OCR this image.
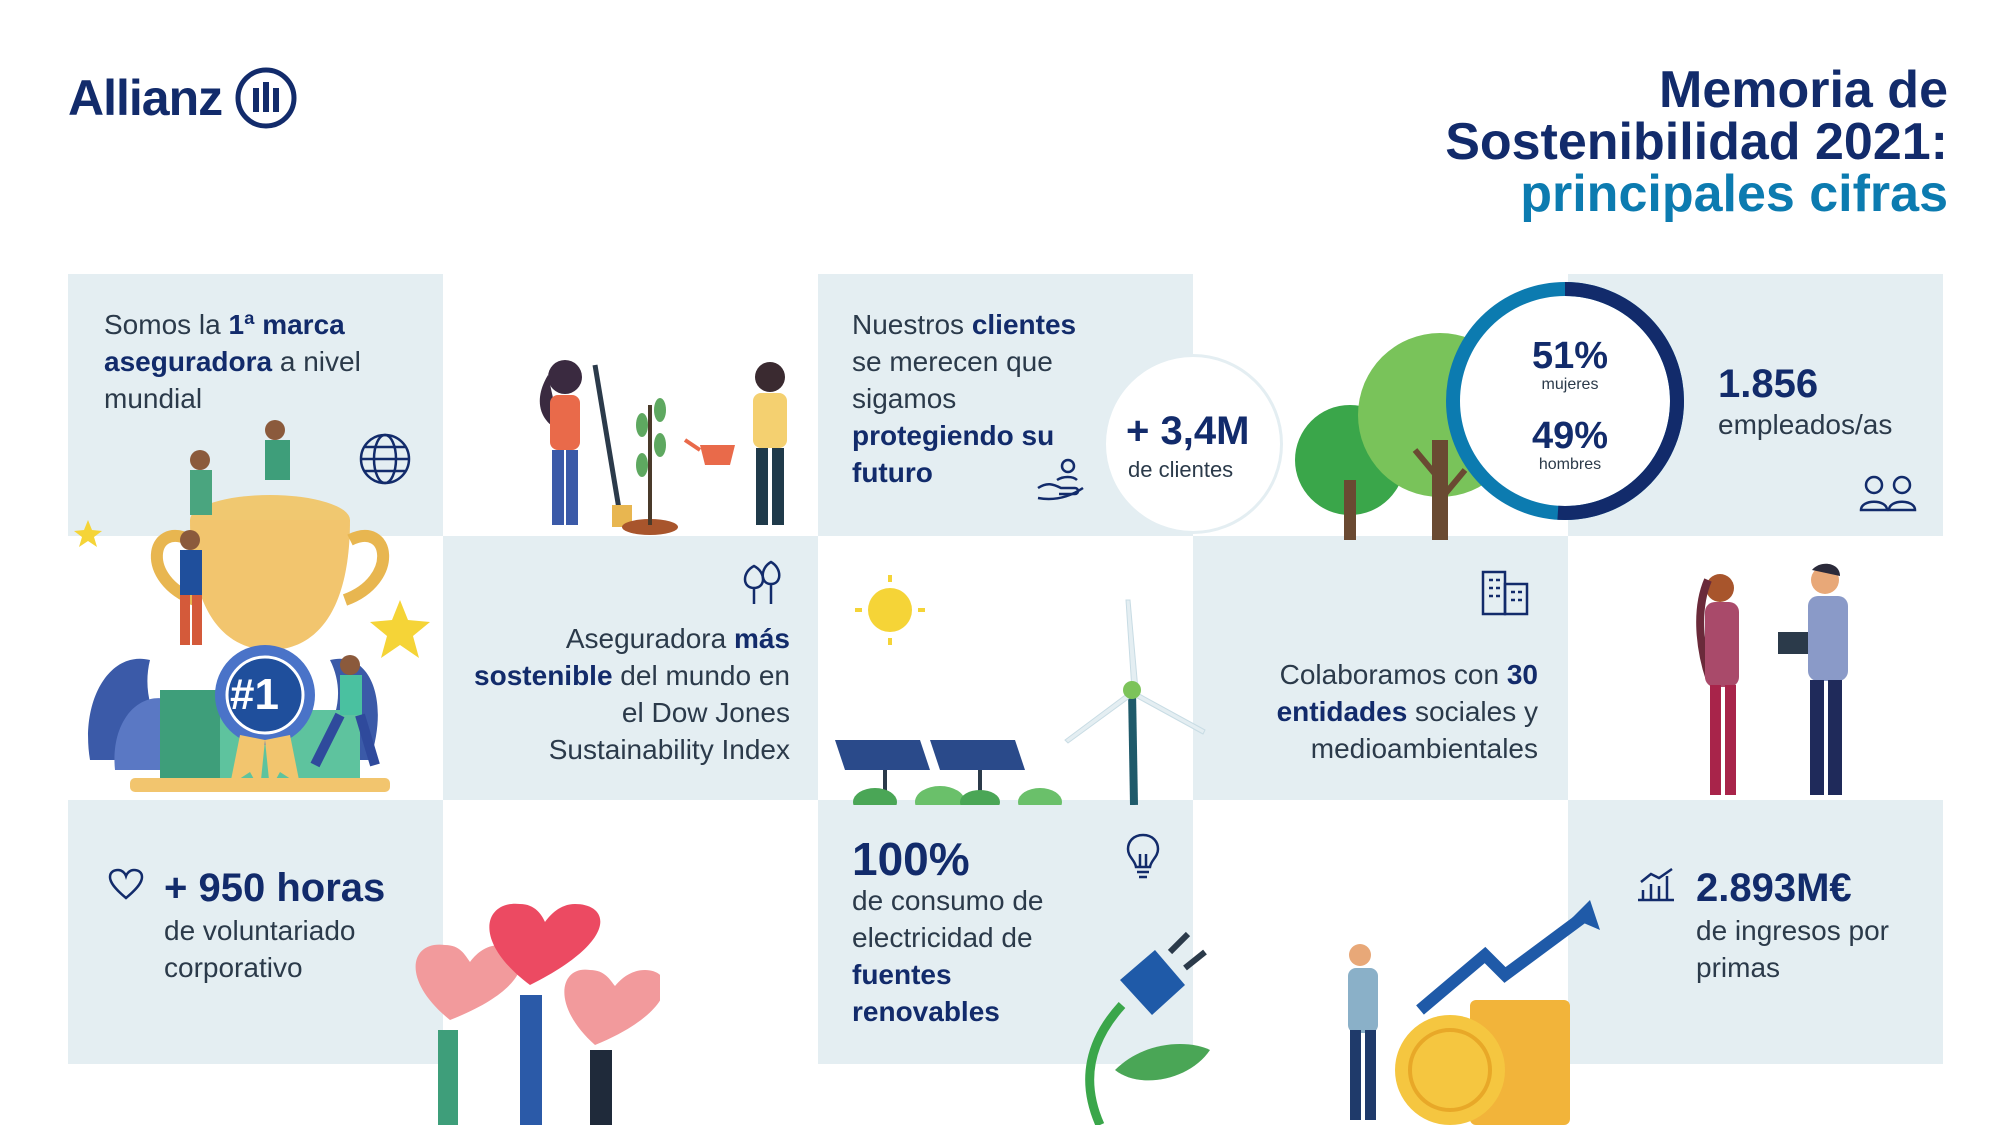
Allianz	Memoria de
Sostenibilidad 2021:
principales cifras
Somos la 1ª marca aseguradora a nivel mundial
#1
Nuestros clientes se merecen que sigamos protegiendo su futuro
+ 3,4M
de clientes
51%
mujeres
49%
hombres
1.856
empleados/as
Aseguradora más sostenible del mundo en el Dow Jones Sustainability Index
Colaboramos con 30 entidades sociales y medioambientales
+ 950 horas
de voluntariado corporativo
100%
de consumo de electricidad de fuentes renovables
2.893M€
de ingresos por primas
